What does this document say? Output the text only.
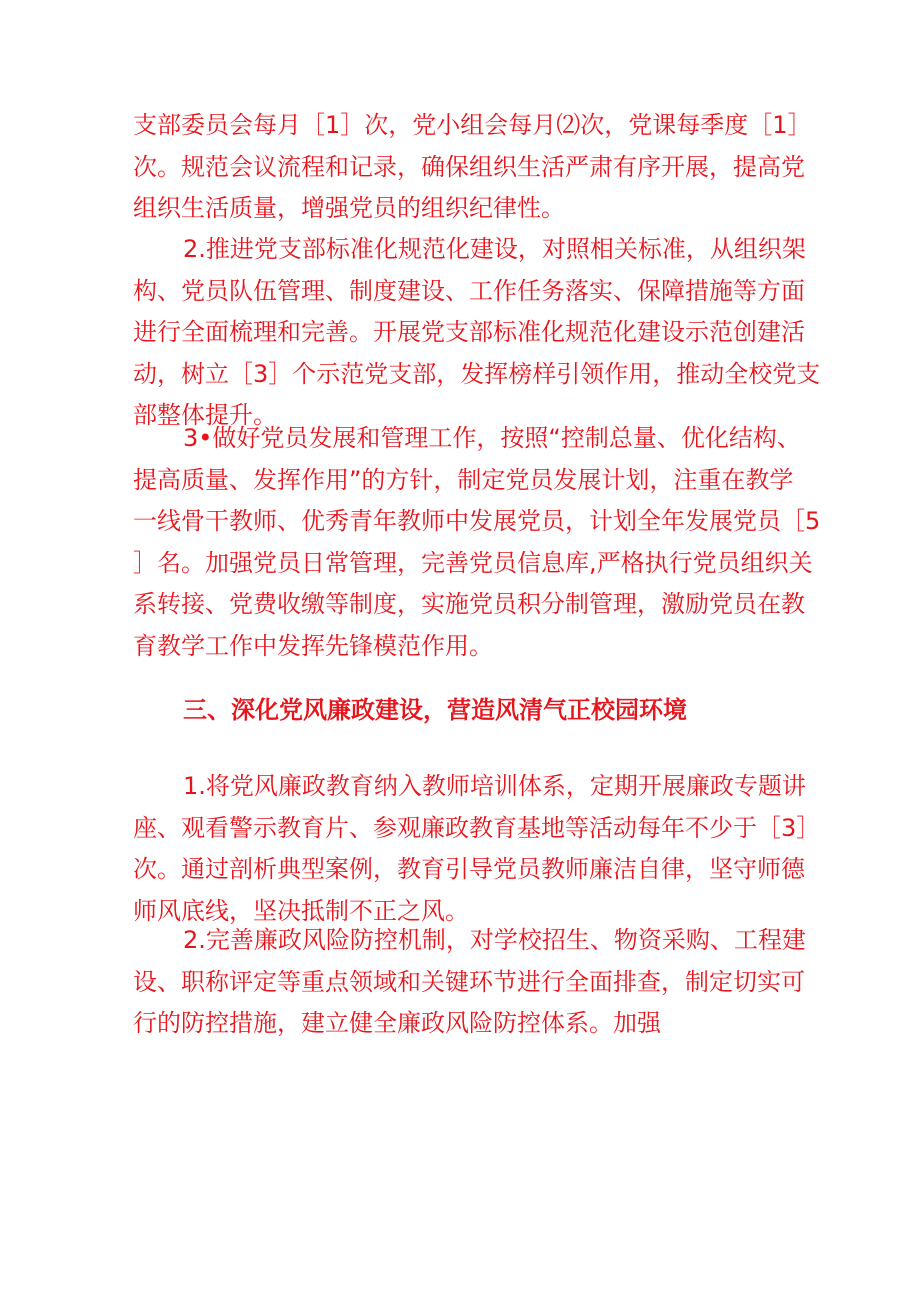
支部委员会每月［1］次，党小组会每月⑵次，党课每季度［1］
次。规范会议流程和记录，确保组织生活严肃有序开展，提高党
组织生活质量，增强党员的组织纪律性。
2.推进党支部标准化规范化建设，对照相关标准，从组织架
构、党员队伍管理、制度建设、工作任务落实、保障措施等方面
进行全面梳理和完善。开展党支部标准化规范化建设示范创建活
动，树立［3］个示范党支部，发挥榜样引领作用，推动全校党支
部整体提升。
3•做好党员发展和管理工作，按照“控制总量、优化结构、
提高质量、发挥作用”的方针，制定党员发展计划，注重在教学
一线骨干教师、优秀青年教师中发展党员，计划全年发展党员［5
］名。加强党员日常管理，完善党员信息库,严格执行党员组织关
系转接、党费收缴等制度，实施党员积分制管理，激励党员在教
育教学工作中发挥先锋模范作用。
三、深化党风廉政建设，营造风清气正校园环境
1.将党风廉政教育纳入教师培训体系，定期开展廉政专题讲
座、观看警示教育片、参观廉政教育基地等活动每年不少于［3］
次。通过剖析典型案例，教育引导党员教师廉洁自律，坚守师德
师风底线，坚决抵制不正之风。
2.完善廉政风险防控机制，对学校招生、物资采购、工程建
设、职称评定等重点领域和关键环节进行全面排查，制定切实可
行的防控措施，建立健全廉政风险防控体系。加强
